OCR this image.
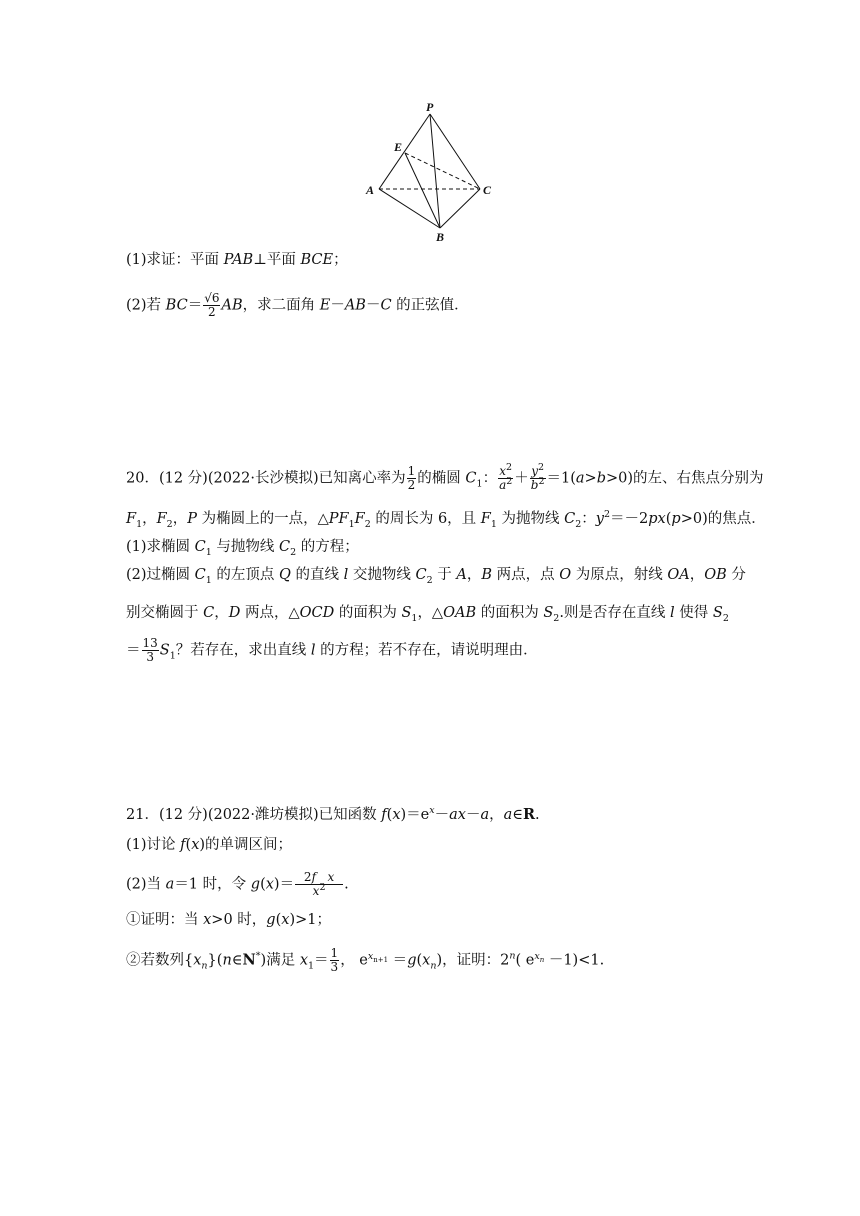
P
E
A	C
B
(1)求证：平面 PAB⊥平面 BCE；
(2)若 $BC= \frac{√6}{2}$ AB，求二面角 E－AB－C 的正弦值．
20．(12 分)(2022·长沙模拟)已知离心率为 $\frac{1}{2}$ 的椭圆 $C_1$： $\frac{x^2}{a^2} + \frac{y^2}{b^2} =1(a>b>0)$的左、右焦点分别为
$F_1$，$F_2$，P 为椭圆上的一点，$\triangle PF_1F_2$ 的周长为 6，且 $F_1$ 为抛物线 $C_2$：$y^2=-2px(p>0)$的焦点．
(1)求椭圆 $C_1$ 与抛物线 $C_2$ 的方程；
(2)过椭圆 $C_1$ 的左顶点 Q 的直线 l 交抛物线 $C_2$ 于 A，B 两点，点 O 为原点，射线 OA，OB 分
别交椭圆于 C，D 两点，△OCD 的面积为 $S_1$，△OAB 的面积为 $S_2$.则是否存在直线 l 使得 $S_2$
＝ $\frac{13}{3} S_1$？若存在，求出直线 l 的方程；若不存在，请说明理由．
21．(12 分)(2022·潍坊模拟)已知函数 $f(x)=e^x-ax-a$，a∈R.
(1)讨论 f(x)的单调区间；
(2)当 a＝1 时，令 $g(x)= \frac{\text{2f x}}{x^2}$ .
①证明：当 x>0 时，g(x)>1；
②若数列$\{x_n\}(n\in N^*)$满足 $x_1= \frac{1}{3}$ ， $e^{x_{n+1}} =g(x_n)$，证明：2$^n$( $e^{x_n} -1)<1$.
